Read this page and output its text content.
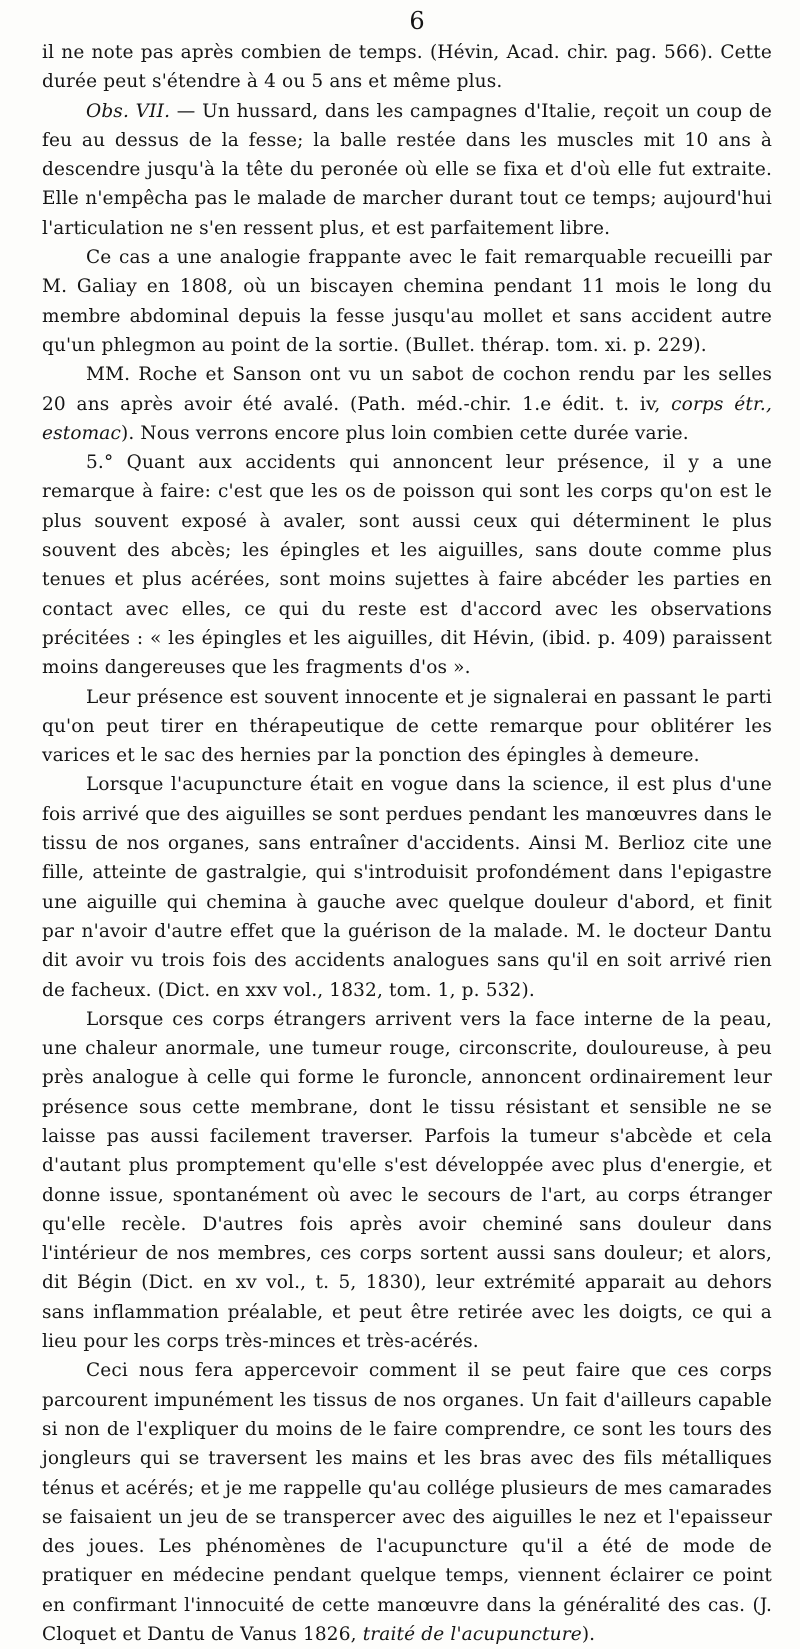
6

il ne note pas après combien de temps. (Hévin, Acad. chir. pag. 566). Cette durée peut s'étendre à 4 ou 5 ans et même plus.

Obs. VII. — Un hussard, dans les campagnes d'Italie, reçoit un coup de feu au dessus de la fesse; la balle restée dans les muscles mit 10 ans à descendre jusqu'à la tête du peronée où elle se fixa et d'où elle fut extraite. Elle n'empêcha pas le malade de marcher durant tout ce temps; aujourd'hui l'articulation ne s'en ressent plus, et est parfaitement libre.

Ce cas a une analogie frappante avec le fait remarquable recueilli par M. Galiay en 1808, où un biscayen chemina pendant 11 mois le long du membre abdominal depuis la fesse jusqu'au mollet et sans accident autre qu'un phlegmon au point de la sortie. (Bullet. thérap. tom. xi. p. 229).

MM. Roche et Sanson ont vu un sabot de cochon rendu par les selles 20 ans après avoir été avalé. (Path. méd.-chir. 1.e édit. t. iv, corps étr., estomac). Nous verrons encore plus loin combien cette durée varie.

5.° Quant aux accidents qui annoncent leur présence, il y a une remarque à faire: c'est que les os de poisson qui sont les corps qu'on est le plus souvent exposé à avaler, sont aussi ceux qui déterminent le plus souvent des abcès; les épingles et les aiguilles, sans doute comme plus tenues et plus acérées, sont moins sujettes à faire abcéder les parties en contact avec elles, ce qui du reste est d'accord avec les observations précitées : « les épingles et les aiguilles, dit Hévin, (ibid. p. 409) paraissent moins dangereuses que les fragments d'os ».

Leur présence est souvent innocente et je signalerai en passant le parti qu'on peut tirer en thérapeutique de cette remarque pour oblitérer les varices et le sac des hernies par la ponction des épingles à demeure.

Lorsque l'acupuncture était en vogue dans la science, il est plus d'une fois arrivé que des aiguilles se sont perdues pendant les manœuvres dans le tissu de nos organes, sans entraîner d'accidents. Ainsi M. Berlioz cite une fille, atteinte de gastralgie, qui s'introduisit profondément dans l'epigastre une aiguille qui chemina à gauche avec quelque douleur d'abord, et finit par n'avoir d'autre effet que la guérison de la malade. M. le docteur Dantu dit avoir vu trois fois des accidents analogues sans qu'il en soit arrivé rien de facheux. (Dict. en xxv vol., 1832, tom. 1, p. 532).

Lorsque ces corps étrangers arrivent vers la face interne de la peau, une chaleur anormale, une tumeur rouge, circonscrite, douloureuse, à peu près analogue à celle qui forme le furoncle, annoncent ordinairement leur présence sous cette membrane, dont le tissu résistant et sensible ne se laisse pas aussi facilement traverser. Parfois la tumeur s'abcède et cela d'autant plus promptement qu'elle s'est développée avec plus d'energie, et donne issue, spontanément où avec le secours de l'art, au corps étranger qu'elle recèle. D'autres fois après avoir cheminé sans douleur dans l'intérieur de nos membres, ces corps sortent aussi sans douleur; et alors, dit Bégin (Dict. en xv vol., t. 5, 1830), leur extrémité apparait au dehors sans inflammation préalable, et peut être retirée avec les doigts, ce qui a lieu pour les corps très-minces et très-acérés.

Ceci nous fera appercevoir comment il se peut faire que ces corps parcourent impunément les tissus de nos organes. Un fait d'ailleurs capable si non de l'expliquer du moins de le faire comprendre, ce sont les tours des jongleurs qui se traversent les mains et les bras avec des fils métalliques ténus et acérés; et je me rappelle qu'au collége plusieurs de mes camarades se faisaient un jeu de se transpercer avec des aiguilles le nez et l'epaisseur des joues. Les phénomènes de l'acupuncture qu'il a été de mode de pratiquer en médecine pendant quelque temps, viennent éclairer ce point en confirmant l'innocuité de cette manœuvre dans la généralité des cas. (J. Cloquet et Dantu de Vanus 1826, traité de l'acupuncture).
